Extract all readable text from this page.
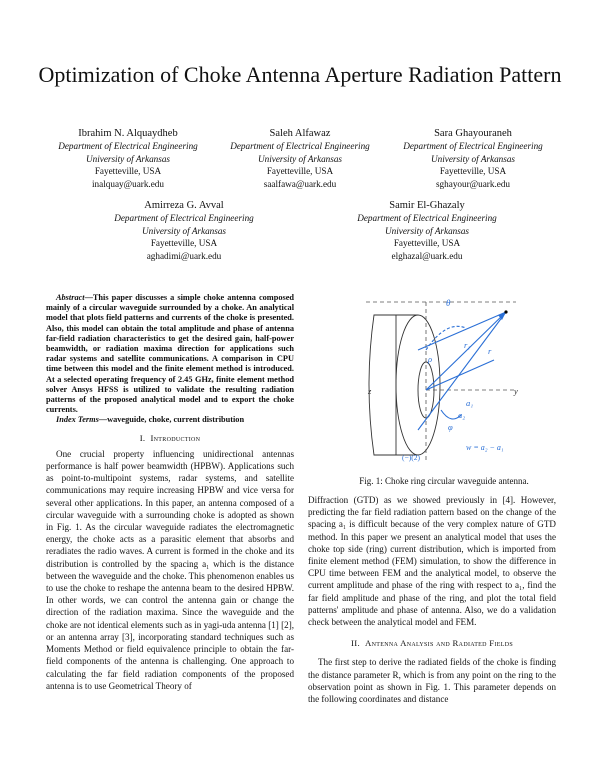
Optimization of Choke Antenna Aperture Radiation Pattern
Ibrahim N. Alquaydheb
Department of Electrical Engineering
University of Arkansas
Fayetteville, USA
inalquay@uark.edu
Saleh Alfawaz
Department of Electrical Engineering
University of Arkansas
Fayetteville, USA
saalfawa@uark.edu
Sara Ghayouraneh
Department of Electrical Engineering
University of Arkansas
Fayetteville, USA
sghayour@uark.edu
Amirreza G. Avval
Department of Electrical Engineering
University of Arkansas
Fayetteville, USA
aghadimi@uark.edu
Samir El-Ghazaly
Department of Electrical Engineering
University of Arkansas
Fayetteville, USA
elghazal@uark.edu
Abstract—This paper discusses a simple choke antenna composed mainly of a circular waveguide surrounded by a choke. An analytical model that plots field patterns and currents of the choke is presented. Also, this model can obtain the total amplitude and phase of antenna far-field radiation characteristics to get the desired gain, half-power beamwidth, or radiation maxima direction for applications such radar systems and satellite communications. A comparison in CPU time between this model and the finite element method is introduced. At a selected operating frequency of 2.45 GHz, finite element method solver Ansys HFSS is utilized to validate the resulting radiation patterns of the proposed analytical model and to export the choke currents.
Index Terms—waveguide, choke, current distribution
I. Introduction

One crucial property influencing unidirectional antennas performance is half power beamwidth (HPBW). Applications such as point-to-multipoint systems, radar systems, and satellite communications may require increasing HPBW and vice versa for several other applications. In this paper, an antenna composed of a circular waveguide with a surrounding choke is adopted as shown in Fig. 1. As the circular waveguide radiates the electromagnetic energy, the choke acts as a parasitic element that absorbs and reradiates the radio waves. A current is formed in the choke and its distribution is controlled by the spacing a₁ which is the distance between the waveguide and the choke. This phenomenon enables us to use the choke to reshape the antenna beam to the desired HPBW. In other words, we can control the antenna gain or change the direction of the radiation maxima. Since the waveguide and the choke are not identical elements such as in yagi-uda antenna [1] [2], or an antenna array [3], incorporating standard techniques such as Moments Method or field equivalence principle to obtain the far-field components of the antenna is challenging. One approach to calculating the far field radiation components of the proposed antenna is to use Geometrical Theory of

θ
r₁
r
ρ
y
a₁
a₂
φ
w = a₂ − a₁
(−)(2)
z
Fig. 1: Choke ring circular waveguide antenna.

Diffraction (GTD) as we showed previously in [4]. However, predicting the far field radiation pattern based on the change of the spacing a₁ is difficult because of the very complex nature of GTD method. In this paper we present an analytical model that uses the choke top side (ring) current distribution, which is imported from finite element method (FEM) simulation, to show the difference in CPU time between FEM and the analytical model, to observe the current amplitude and phase of the ring with respect to a₁, find the far field amplitude and phase of the ring, and plot the total field patterns' amplitude and phase of antenna. Also, we do a validation check between the analytical model and FEM.

II. Antenna Analysis and Radiated Fields

The first step to derive the radiated fields of the choke is finding the distance parameter R, which is from any point on the ring to the observation point as shown in Fig. 1. This parameter depends on the following coordinates and distance
